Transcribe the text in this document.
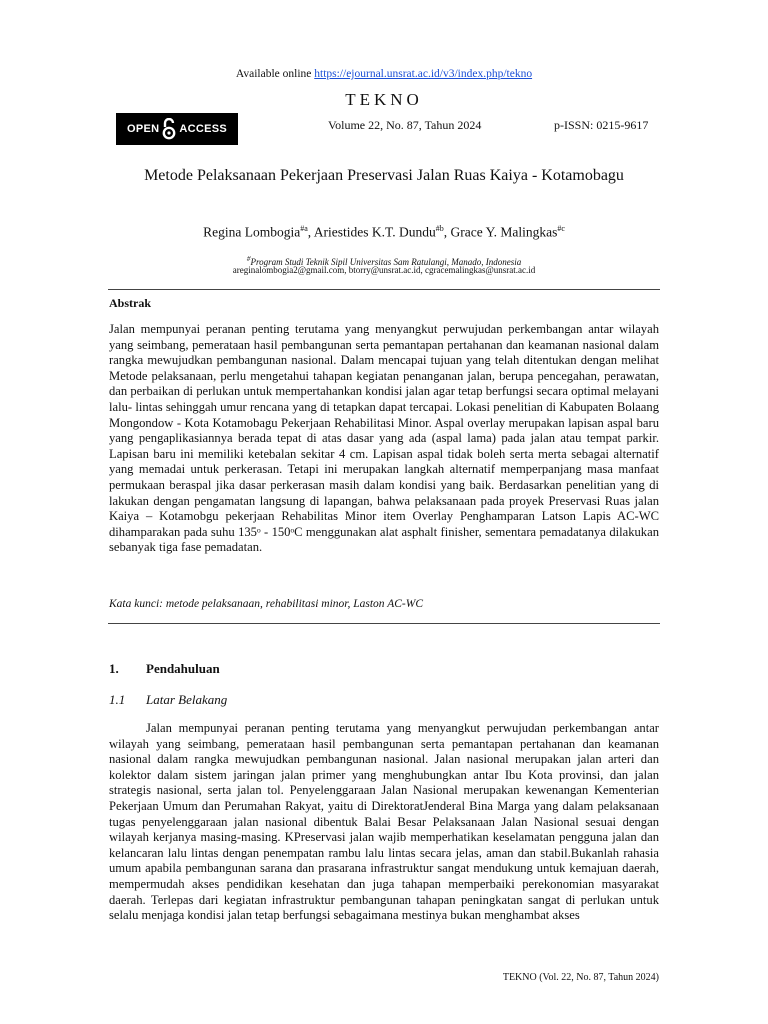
Available online https://ejournal.unsrat.ac.id/v3/index.php/tekno
TEKNO
OPEN ACCESS	Volume 22, No. 87, Tahun 2024	p-ISSN: 0215-9617
Metode Pelaksanaan Pekerjaan Preservasi Jalan Ruas Kaiya - Kotamobagu
Regina Lombogia$^{\#a}$, Ariestides K.T. Dundu$^{\#b}$, Grace Y. Malingkas$^{\#c}$
#Program Studi Teknik Sipil Universitas Sam Ratulangi, Manado, Indonesia
areginalombogia2@gmail.com, btorry@unsrat.ac.id, cgracemalingkas@unsrat.ac.id
Abstrak
Jalan mempunyai peranan penting terutama yang menyangkut perwujudan perkembangan antar wilayah yang seimbang, pemerataan hasil pembangunan serta pemantapan pertahanan dan keamanan nasional dalam rangka mewujudkan pembangunan nasional. Dalam mencapai tujuan yang telah ditentukan dengan melihat Metode pelaksanaan, perlu mengetahui tahapan kegiatan penanganan jalan, berupa pencegahan, perawatan, dan perbaikan di perlukan untuk mempertahankan kondisi jalan agar tetap berfungsi secara optimal melayani lalu- lintas sehinggah umur rencana yang di tetapkan dapat tercapai. Lokasi penelitian di Kabupaten Bolaang Mongondow - Kota Kotamobagu Pekerjaan Rehabilitasi Minor. Aspal overlay merupakan lapisan aspal baru yang pengaplikasiannya berada tepat di atas dasar yang ada (aspal lama) pada jalan atau tempat parkir. Lapisan baru ini memiliki ketebalan sekitar 4 cm. Lapisan aspal tidak boleh serta merta sebagai alternatif yang memadai untuk perkerasan. Tetapi ini merupakan langkah alternatif memperpanjang masa manfaat permukaan beraspal jika dasar perkerasan masih dalam kondisi yang baik. Berdasarkan penelitian yang di lakukan dengan pengamatan langsung di lapangan, bahwa pelaksanaan pada proyek Preservasi Ruas jalan Kaiya – Kotamobgu pekerjaan Rehabilitas Minor item Overlay Penghamparan Latson Lapis AC-WC dihamparakan pada suhu 135ᵒ - 150ᵒC menggunakan alat asphalt finisher, sementara pemadatanya dilakukan sebanyak tiga fase pemadatan.
Kata kunci: metode pelaksanaan, rehabilitasi minor, Laston AC-WC
1. Pendahuluan
1.1 Latar Belakang
Jalan mempunyai peranan penting terutama yang menyangkut perwujudan perkembangan antar wilayah yang seimbang, pemerataan hasil pembangunan serta pemantapan pertahanan dan keamanan nasional dalam rangka mewujudkan pembangunan nasional. Jalan nasional merupakan jalan arteri dan kolektor dalam sistem jaringan jalan primer yang menghubungkan antar Ibu Kota provinsi, dan jalan strategis nasional, serta jalan tol. Penyelenggaraan Jalan Nasional merupakan kewenangan Kementerian Pekerjaan Umum dan Perumahan Rakyat, yaitu di DirektoratJenderal Bina Marga yang dalam pelaksanaan tugas penyelenggaraan jalan nasional dibentuk Balai Besar Pelaksanaan Jalan Nasional sesuai dengan wilayah kerjanya masing-masing. KPreservasi jalan wajib memperhatikan keselamatan pengguna jalan dan kelancaran lalu lintas dengan penempatan rambu lalu lintas secara jelas, aman dan stabil.Bukanlah rahasia umum apabila pembangunan sarana dan prasarana infrastruktur sangat mendukung untuk kemajuan daerah, mempermudah akses pendidikan kesehatan dan juga tahapan memperbaiki perekonomian masyarakat daerah. Terlepas dari kegiatan infrastruktur pembangunan tahapan peningkatan sangat di perlukan untuk selalu menjaga kondisi jalan tetap berfungsi sebagaimana mestinya bukan menghambat akses
TEKNO (Vol. 22, No. 87, Tahun 2024)
